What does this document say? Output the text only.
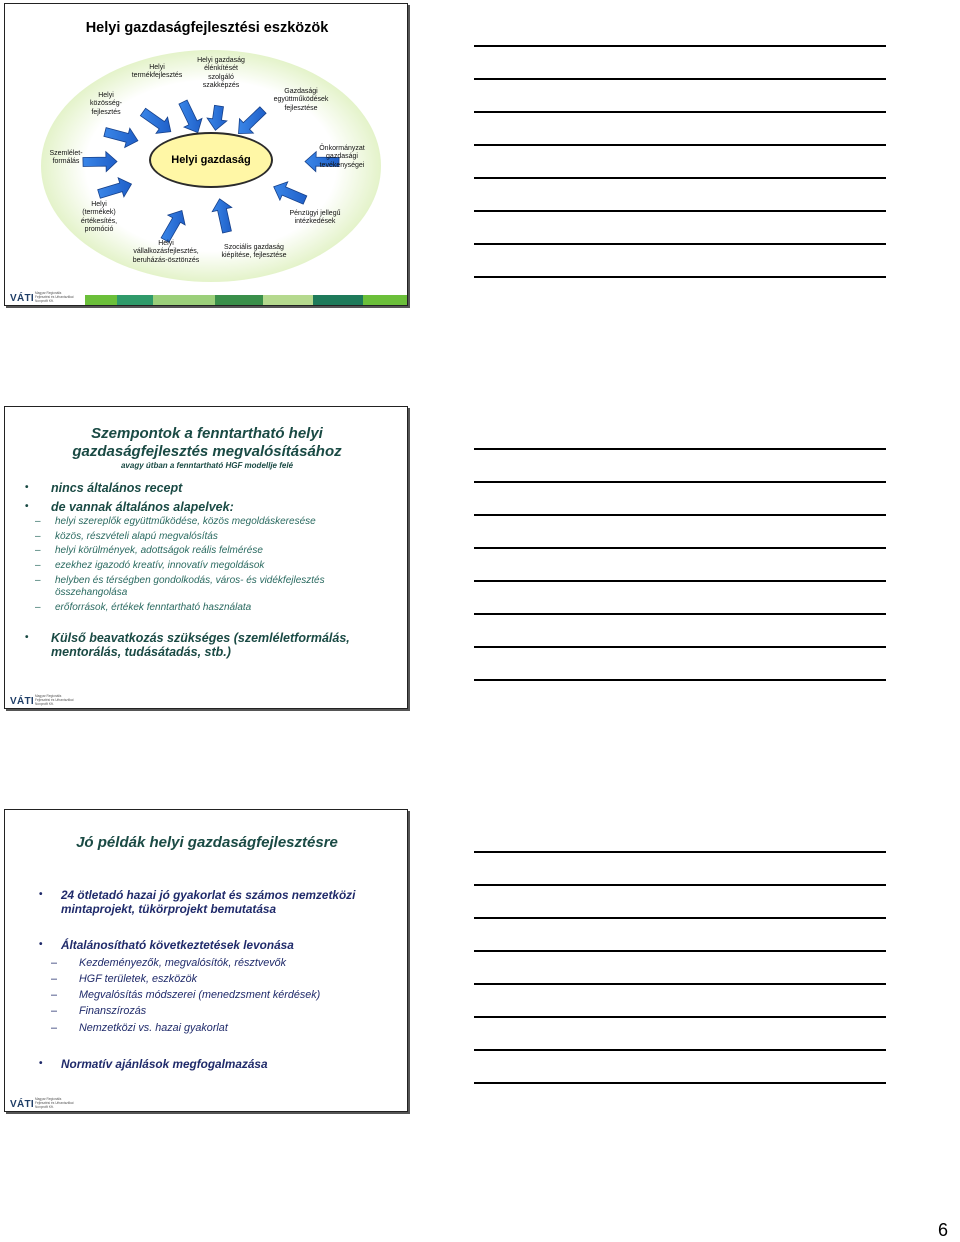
Helyi gazdaságfejlesztési eszközök
Helyi gazdaság
Helyi
közösség-
fejlesztés
Helyi
termékfejlesztés
Helyi gazdaság
élénkítését
szolgáló
szakképzés
Gazdasági
együttműködések
fejlesztése
Szemlélet-
formálás
Önkormányzat
gazdasági
tevékenységei
Helyi
(termékek)
értékesítés,
promóció
Pénzügyi jellegű
intézkedések
Helyi
vállalkozásfejlesztés,
beruházás-ösztönzés
Szociális gazdaság
kiépítése, fejlesztése
VÁTI Magyar Regionális Fejlesztési és Urbanisztikai Nonprofit Kft.
Szempontok a fenntartható helyi
gazdaságfejlesztés megvalósításához
avagy útban a fenntartható HGF modellje felé
• nincs általános recept
• de vannak általános alapelvek:
– helyi szereplők együttműködése, közös megoldáskeresése
– közös, részvételi alapú megvalósítás
– helyi körülmények, adottságok reális felmérése
– ezekhez igazodó kreatív, innovatív megoldások
– helyben és térségben gondolkodás, város- és vidékfejlesztés
összehangolása
– erőforrások, értékek fenntartható használata
• Külső beavatkozás szükséges (szemléletformálás,
mentorálás, tudásátadás, stb.)
VÁTI Magyar Regionális Fejlesztési és Urbanisztikai Nonprofit Kft.
Jó példák helyi gazdaságfejlesztésre
• 24 ötletadó hazai jó gyakorlat és számos nemzetközi
mintaprojekt, tükörprojekt bemutatása
• Általánosítható következtetések levonása
– Kezdeményezők, megvalósítók, résztvevők
– HGF területek, eszközök
– Megvalósítás módszerei (menedzsment kérdések)
– Finanszírozás
– Nemzetközi vs. hazai gyakorlat
• Normatív ajánlások megfogalmazása
VÁTI Magyar Regionális Fejlesztési és Urbanisztikai Nonprofit Kft.
6
